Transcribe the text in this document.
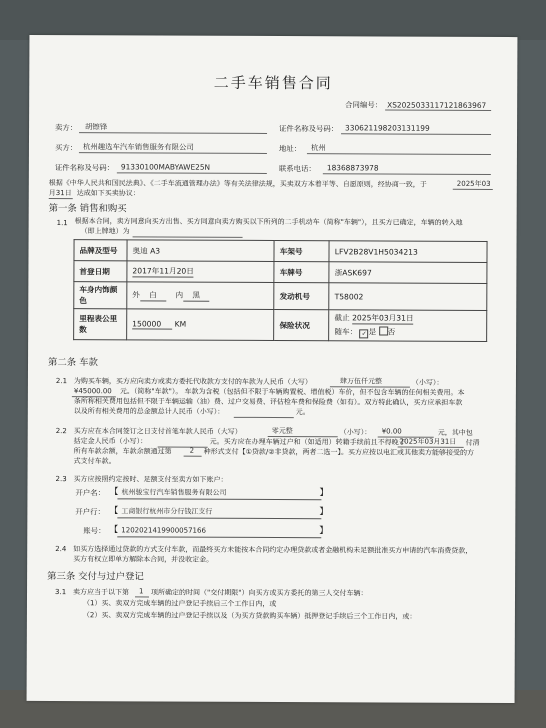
二手车销售合同
合同编号： XS2025033117121863967
卖方： 胡镲锋	证件名称及号码： 330621198203131199
买方： 杭州趣选车汽车销售服务有限公司	地址： 杭州
证件名称及号码： 91330100MABYAWE25N	联系电话： 18368873978
根据《中华人民共和国民法典》、《二手车流通管理办法》等有关法律法规，买卖双方本着平等、自愿原则，经协商一致，于	2025年03
月31日 达成如下买卖协议：
第一条 销售和购买
1.1 根据本合同，卖方同意向买方出售、买方同意向卖方购买以下所列的二手机动车（简称"车辆"），且买方已确定，车辆的转入地
（即上牌地）为
品牌及型号	奥迪 A3	车架号	LFV2B28V1H5034213
首登日期	2017年11月20日	车牌号	浙ASK697
车身内饰颜色	外 白 内 黑	发动机号	T58002
里程表公里数	150000 KM	保险状况	截止 2025年03月31日
随车： ✓ 是 否
第二条 车款
2.1 为购买车辆，买方应向卖方或卖方委托代收款方支付的车款为人民币（大写）	肆万伍仟元整	（小写）：
¥45000.00 元。（简称"车款"）。 车款为含税（包括但不限于车辆购置税、增值税）车价，但不包含车辆的任何相关费用。本
条所称相关费用包括但不限于车辆运输（油）费、过户交易费、评估检车费和保险费（如有）。双方特此确认，买方应承担车款
以及所有相关费用的总金额总计人民币（小写）：	元。
2.2 买方应在本合同签订之日支付首笔车款人民币（大写）	零元整	（小写）： ¥0.00	元，其中包
括定金人民币（小写）：	元。买方应在办理车辆过户和（如适用）转籍手续前且不得晚于
2025年03月31日 付清
所有车款余额，车款余额通过第	2 种形式支付【①贷款/②非贷款，两者二选一】。买方应按以电汇或其他卖方能够接受的方
式支付车款。
2.3 买方应按照约定按时、足额支付至卖方如下账户：
开户名： 【 杭州骏宝行汽车销售服务有限公司	】
开户行： 【 工商银行杭州市分行钱江支行	】
账号： 【 1202021419900057166	】
2.4 如买方选择通过贷款的方式支付车款，而最终买方未能按本合同约定办理贷款或者金融机构未足额批准买方申请的汽车消费贷款，
买方有权立即单方解除本合同，并没收定金。
第三条 交付与过户登记
3.1 卖方应当于以下第 1 项所确定的时间（"交付期限"）向买方或买方委托的第三人交付车辆：
（1）买、卖双方完成车辆的过户登记手续后三个工作日内，或
（2）买、卖双方完成车辆的过户登记手续以及（为买方贷款购买车辆）抵押登记手续后三个工作日内，或：
